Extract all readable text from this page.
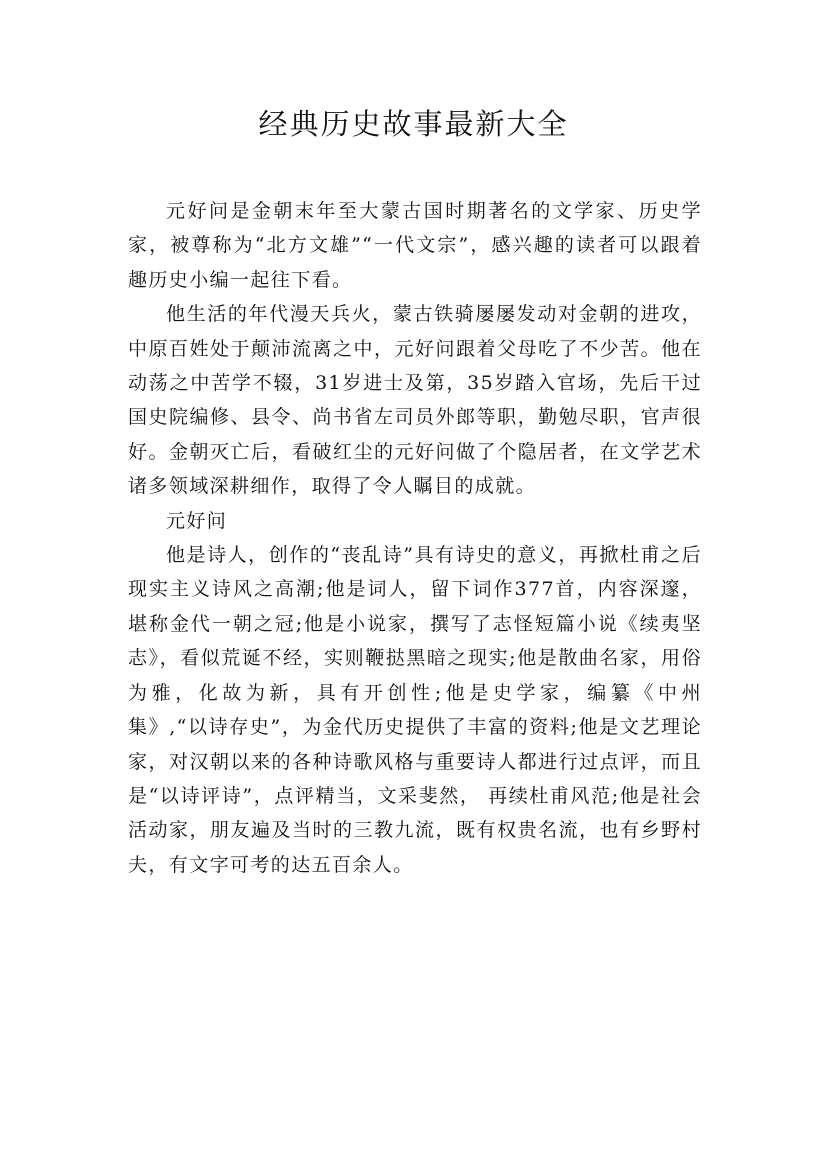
经典历史故事最新大全

元好问是金朝末年至大蒙古国时期著名的文学家、历史学家，被尊称为“北方文雄”“一代文宗”，感兴趣的读者可以跟着趣历史小编一起往下看。

他生活的年代漫天兵火，蒙古铁骑屡屡发动对金朝的进攻，中原百姓处于颠沛流离之中，元好问跟着父母吃了不少苦。他在动荡之中苦学不辍，31岁进士及第，35岁踏入官场，先后干过国史院编修、县令、尚书省左司员外郎等职，勤勉尽职，官声很好。金朝灭亡后，看破红尘的元好问做了个隐居者，在文学艺术诸多领域深耕细作，取得了令人瞩目的成就。

元好问

他是诗人，创作的“丧乱诗”具有诗史的意义，再掀杜甫之后现实主义诗风之高潮;他是词人，留下词作377首，内容深邃，堪称金代一朝之冠;他是小说家，撰写了志怪短篇小说《续夷坚志》，看似荒诞不经，实则鞭挞黑暗之现实;他是散曲名家，用俗为雅，化故为新，具有开创性;他是史学家，编纂《中州集》,“以诗存史”，为金代历史提供了丰富的资料;他是文艺理论家，对汉朝以来的各种诗歌风格与重要诗人都进行过点评，而且是“以诗评诗”，点评精当，文采斐然， 再续杜甫风范;他是社会活动家，朋友遍及当时的三教九流，既有权贵名流，也有乡野村夫，有文字可考的达五百余人。
